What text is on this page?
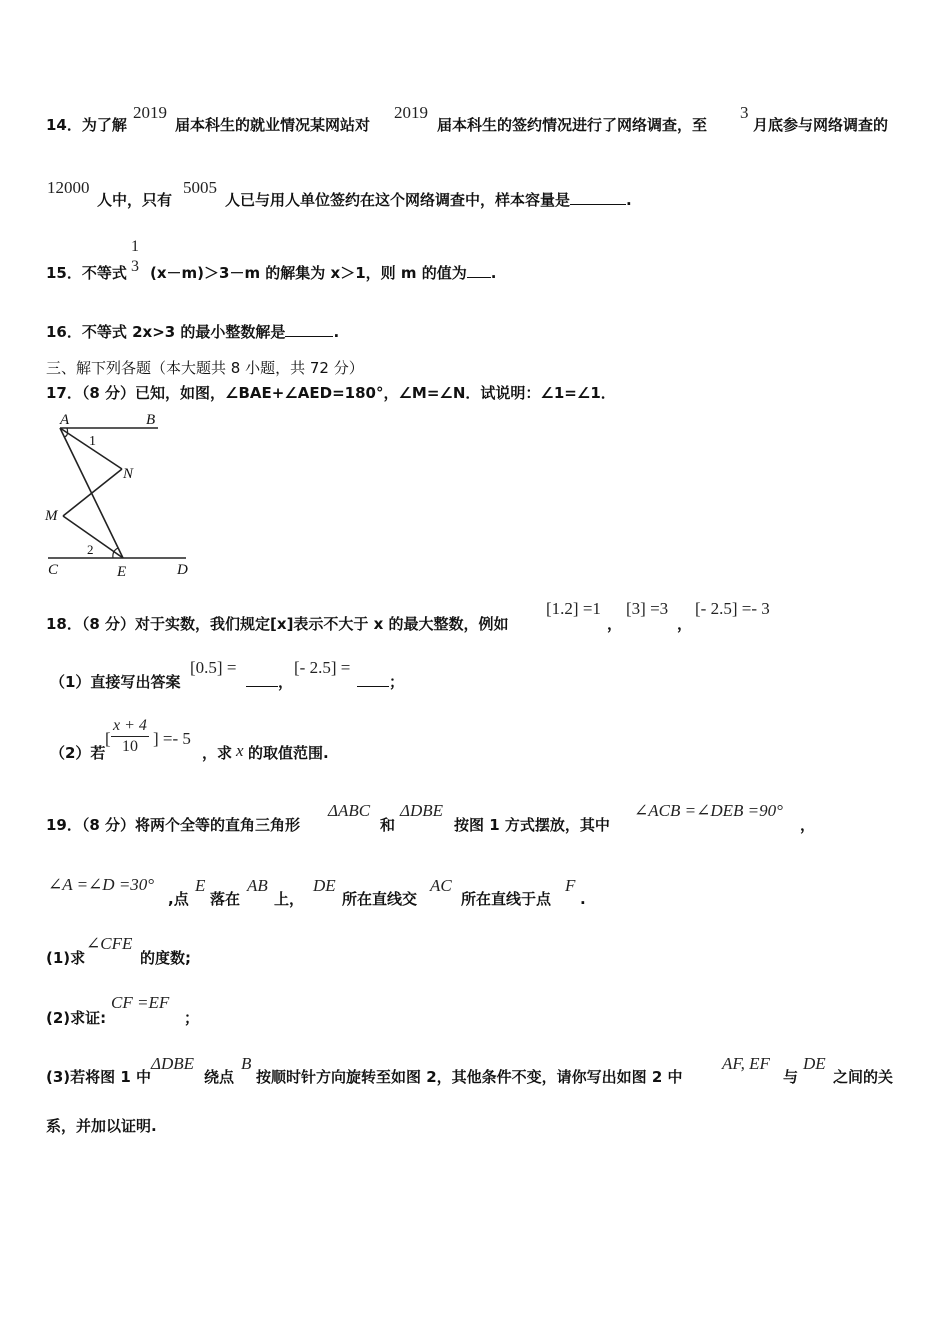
14．为了解
2019
届本科生的就业情况某网站对
2019
届本科生的签约情况进行了网络调查，至
3
月底参与网络调查的
12000
人中，只有
5005
人已与用人单位签约在这个网络调查中，样本容量是	.
15．不等式
1
3 (x－m)＞3－m 的解集为 x＞1，则 m 的值为 .
16．不等式 2x>3 的最小整数解是	.
三、解下列各题（本大题共 8 小题，共 72 分）
17．（8 分）已知，如图，∠BAE+∠AED=180°，∠M=∠N．试说明：∠1=∠1．
A	B
C	D
E
M
N
1
2
18．（8 分）对于实数，我们规定[x]表示不大于 x 的最大整数，例如
[1.2] =1
，
[3] =3
，
[- 2.5] =- 3
（1）直接写出答案
[0.5] =
，
[- 2.5] =
；
（2）若
[ $\frac{x + 4}{10}$ ] =- 5
，求 x 的取值范围.
19．（8 分）将两个全等的直角三角形
ΔABC
和
ΔDBE
按图 1 方式摆放，其中
∠ACB =∠DEB =90°
，
∠A =∠D =30°
,点
E
落在
AB
上，
DE
所在直线交
AC
所在直线于点
F
.
(1)求
∠CFE
的度数;
(2)求证:
CF =EF
；
(3)若将图 1 中
ΔDBE
绕点
B
按顺时针方向旋转至如图 2，其他条件不变，请你写出如图 2 中
AF, EF
与
DE
之间的关
系，并加以证明.
